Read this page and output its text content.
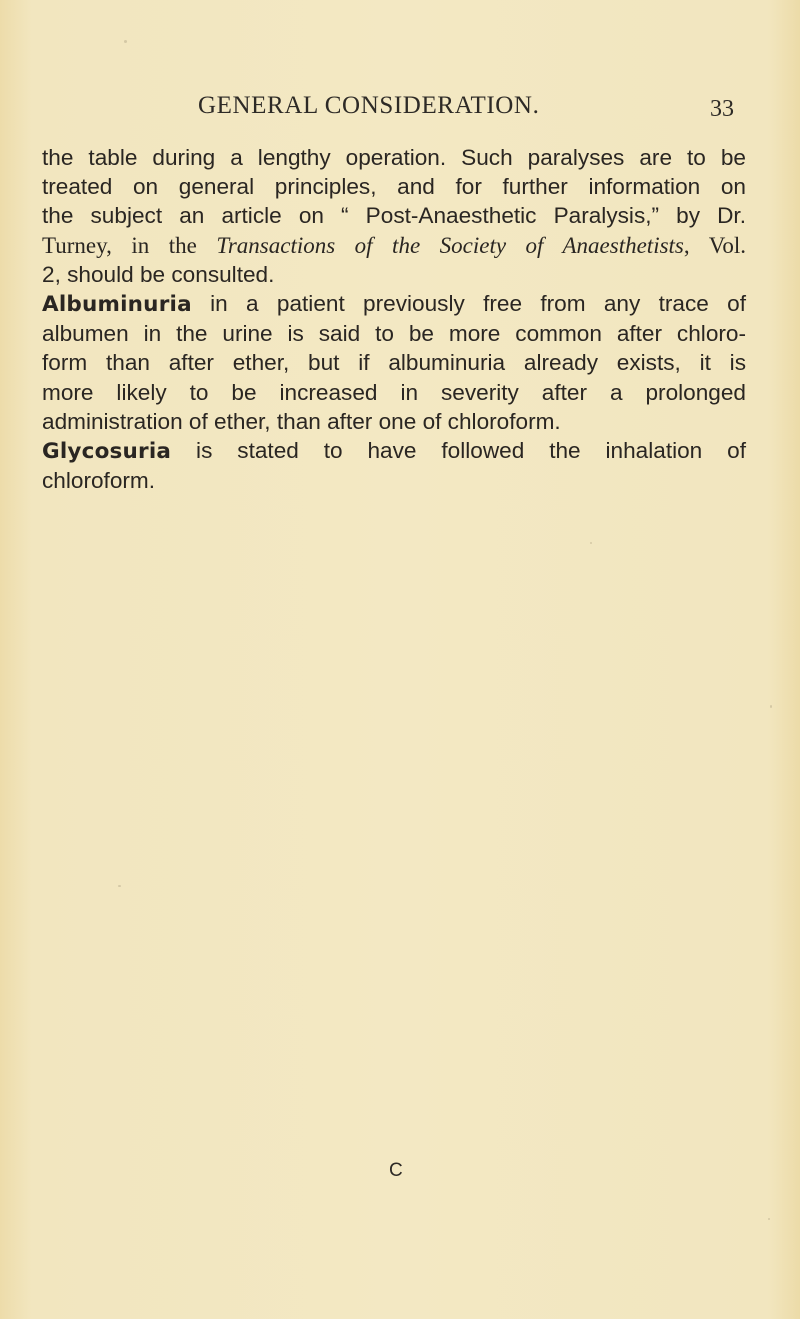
GENERAL CONSIDERATION.	33
the table during a lengthy operation. Such paralyses are to be
treated on general principles, and for further information on
the subject an article on “ Post-Anaesthetic Paralysis,” by Dr.
Turney, in the Transactions of the Society of Anaesthetists, Vol.
2, should be consulted.
Albuminuria in a patient previously free from any trace of
albumen in the urine is said to be more common after chloro-
form than after ether, but if albuminuria already exists, it is
more likely to be increased in severity after a prolonged
administration of ether, than after one of chloroform.
Glycosuria is stated to have followed the inhalation of
chloroform.
C
